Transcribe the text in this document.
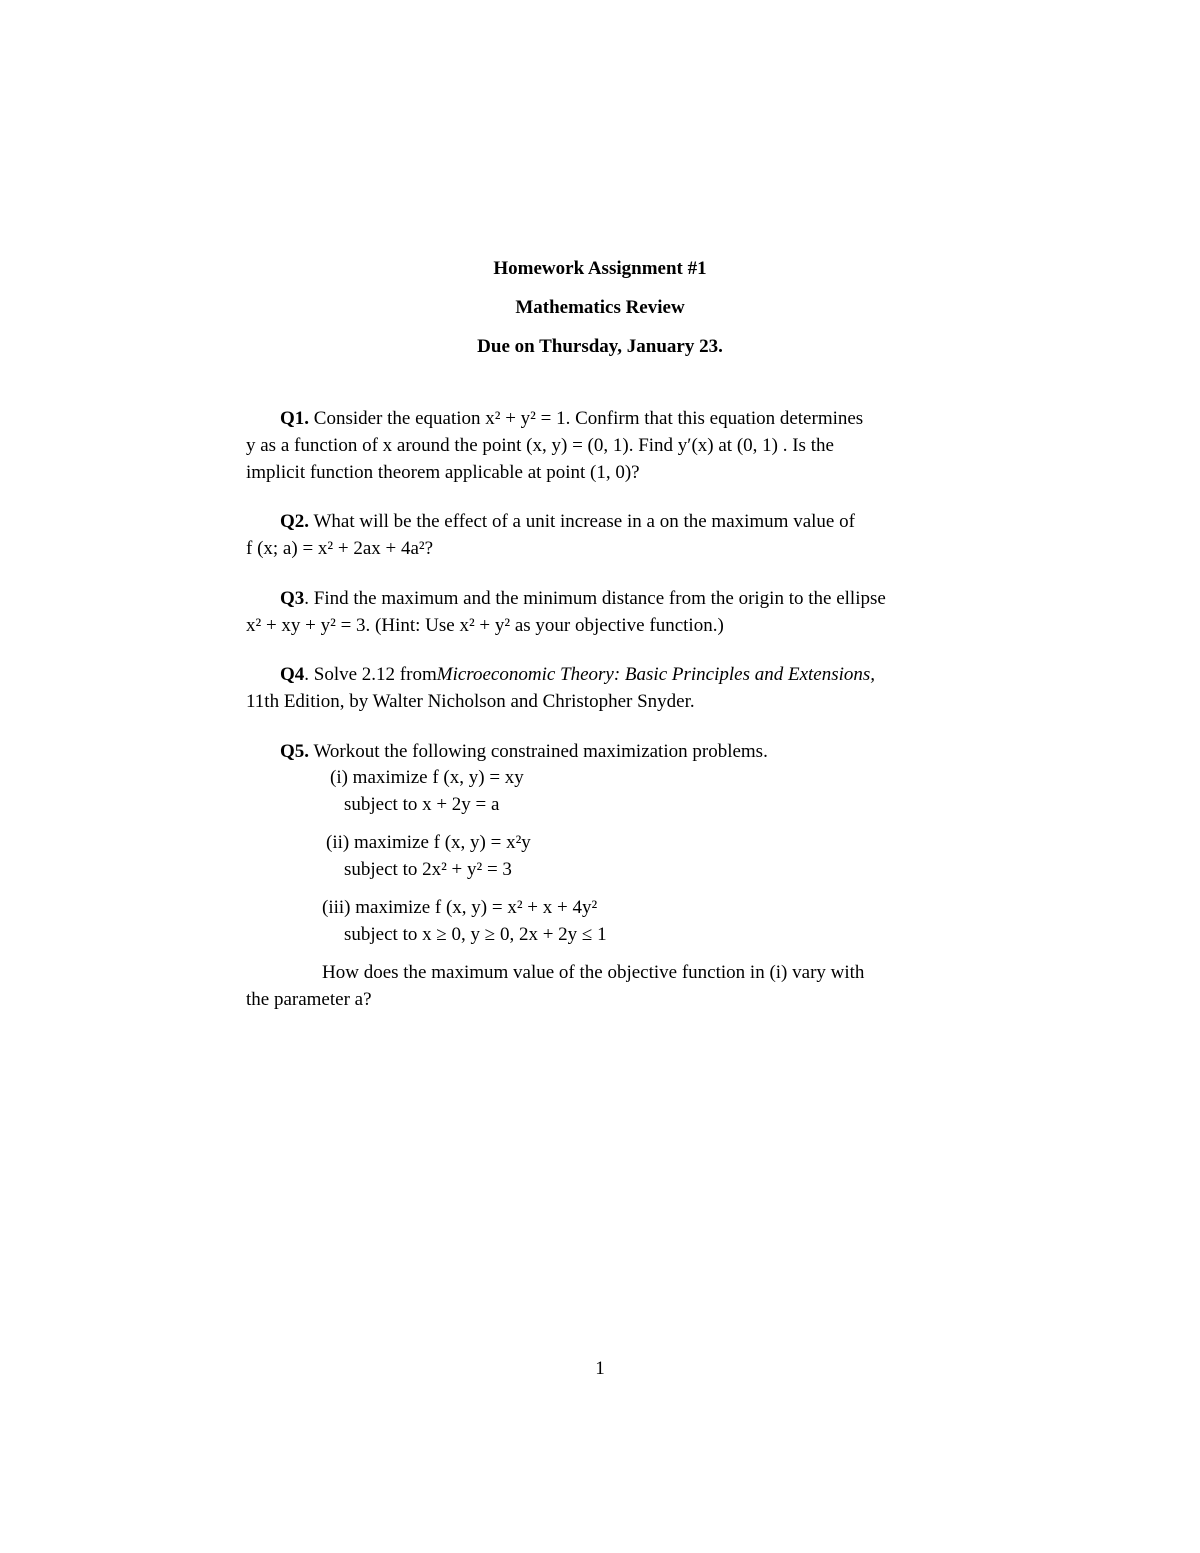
Homework Assignment #1
Mathematics Review
Due on Thursday, January 23.
Q1. Consider the equation x² + y² = 1. Confirm that this equation determines
y as a function of x around the point (x, y) = (0, 1). Find y′(x) at (0, 1) . Is the
implicit function theorem applicable at point (1, 0)?
Q2. What will be the effect of a unit increase in a on the maximum value of
f (x; a) = x² + 2ax + 4a²?
Q3. Find the maximum and the minimum distance from the origin to the ellipse
x² + xy + y² = 3. (Hint: Use x² + y² as your objective function.)
Q4. Solve 2.12 fromMicroeconomic Theory: Basic Principles and Extensions,
11th Edition, by Walter Nicholson and Christopher Snyder.
Q5. Workout the following constrained maximization problems.
(i) maximize f (x, y) = xy
subject to x + 2y = a
(ii) maximize f (x, y) = x²y
subject to 2x² + y² = 3
(iii) maximize f (x, y) = x² + x + 4y²
subject to x ≥ 0, y ≥ 0, 2x + 2y ≤ 1
How does the maximum value of the objective function in (i) vary with
the parameter a?
1
